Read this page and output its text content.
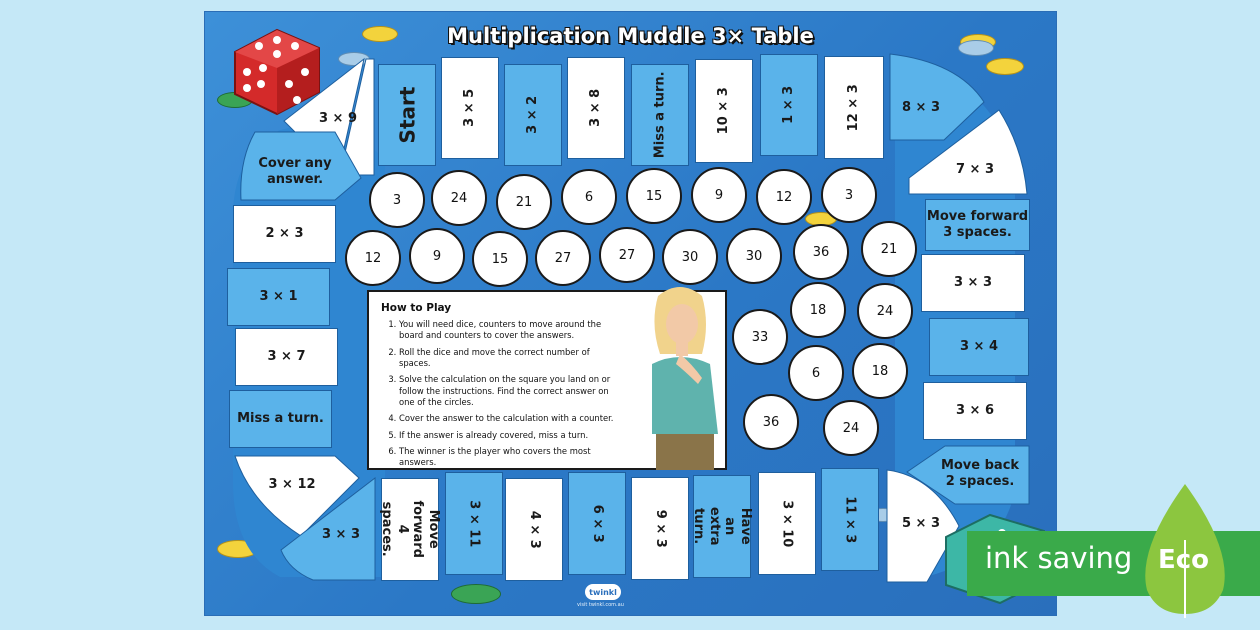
Multiplication Muddle 3× Table
Start	3 × 5	3 × 2	3 × 8	Miss a turn.	10 × 3	1 × 3	12 × 3
3 × 9
8 × 3
7 × 3
Move forward 3 spaces.
3 × 3
3 × 4
3 × 6
Move back 2 spaces.
5 × 3
Cover any answer.
2 × 3
3 × 1
3 × 7
Miss a turn.
3 × 12
3 × 3	Move forward 4 spaces.	3 × 11	4 × 3	6 × 3	9 × 3	Have an extra turn.	3 × 10	11 × 3
3	24	21	6	15	9	12	3
12	9	15	27	27	30	30	36	21
18	24
33
6	18
36	24
How to Play
1. You will need dice, counters to move around the board and counters to cover the answers.
2. Roll the dice and move the correct number of spaces.
3. Solve the calculation on the square you land on or follow the instructions. Find the correct answer on one of the circles.
4. Cover the answer to the calculation with a counter.
5. If the answer is already covered, miss a turn.
6. The winner is the player who covers the most answers.
twinkl
visit twinkl.com.au
ink saving Eco
